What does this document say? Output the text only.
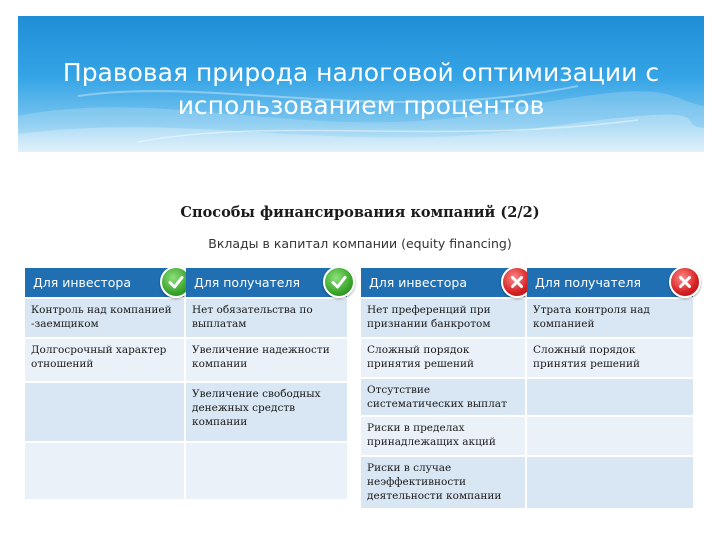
Правовая природа налоговой оптимизации с
использованием процентов
Способы финансирования компаний (2/2)
Вклады в капитал компании (equity financing)
Для инвестора	Для получателя
Контроль над компанией -заемщиком
Нет обязательства по выплатам
Долгосрочный характер отношений
Увеличение надежности компании
Увеличение свободных денежных средств компании
Для инвестора	Для получателя
Нет преференций при признании банкротом
Утрата контроля над компанией
Сложный порядок принятия решений
Сложный порядок принятия решений
Отсутствие систематических выплат
Риски в пределах принадлежащих акций
Риски в случае неэффективности деятельности компании
